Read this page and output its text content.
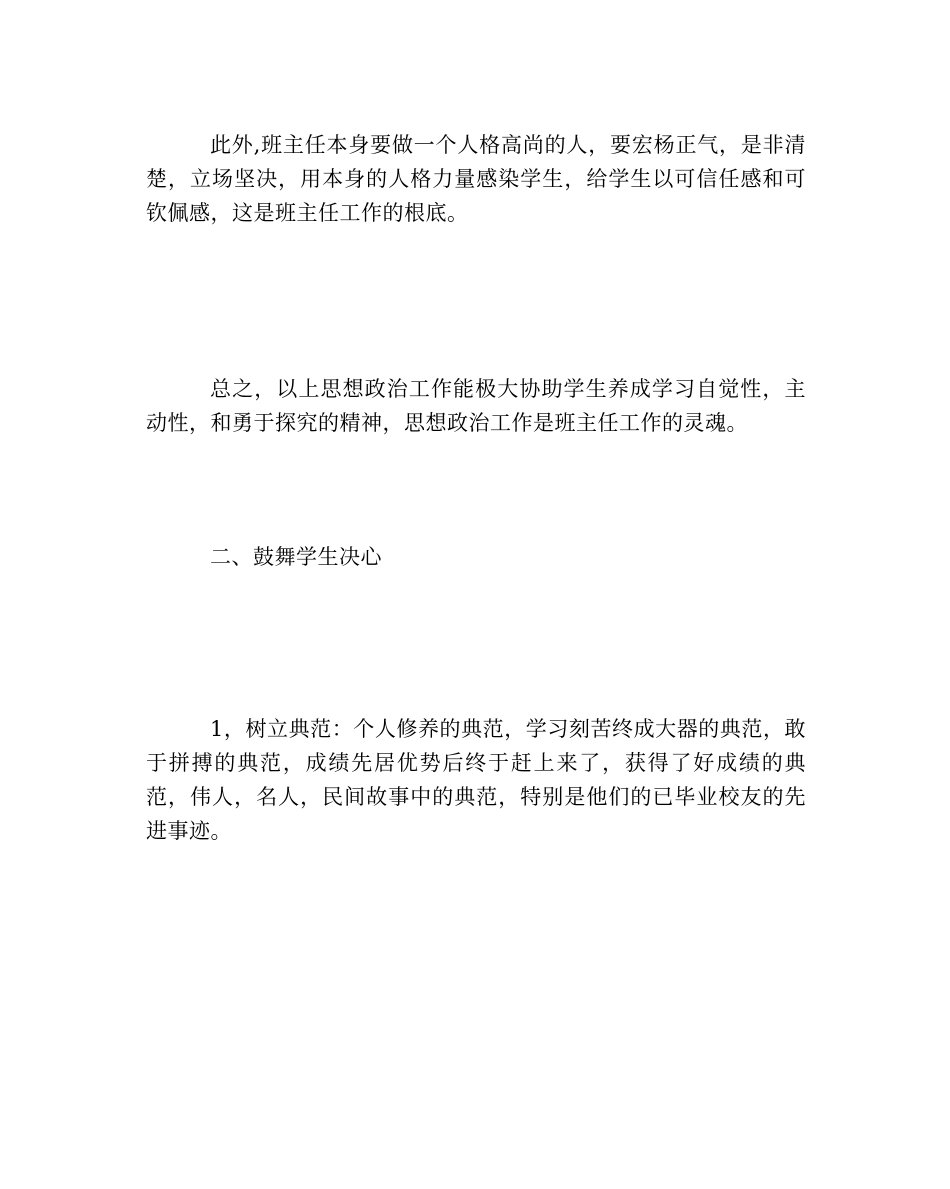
此外,班主任本身要做一个人格高尚的人，要宏杨正气，是非清楚，立场坚决，用本身的人格力量感染学生，给学生以可信任感和可钦佩感，这是班主任工作的根底。

总之，以上思想政治工作能极大协助学生养成学习自觉性，主动性，和勇于探究的精神，思想政治工作是班主任工作的灵魂。

二、鼓舞学生决心

1，树立典范：个人修养的典范，学习刻苦终成大器的典范，敢于拼搏的典范，成绩先居优势后终于赶上来了，获得了好成绩的典范，伟人，名人，民间故事中的典范，特别是他们的已毕业校友的先进事迹。
